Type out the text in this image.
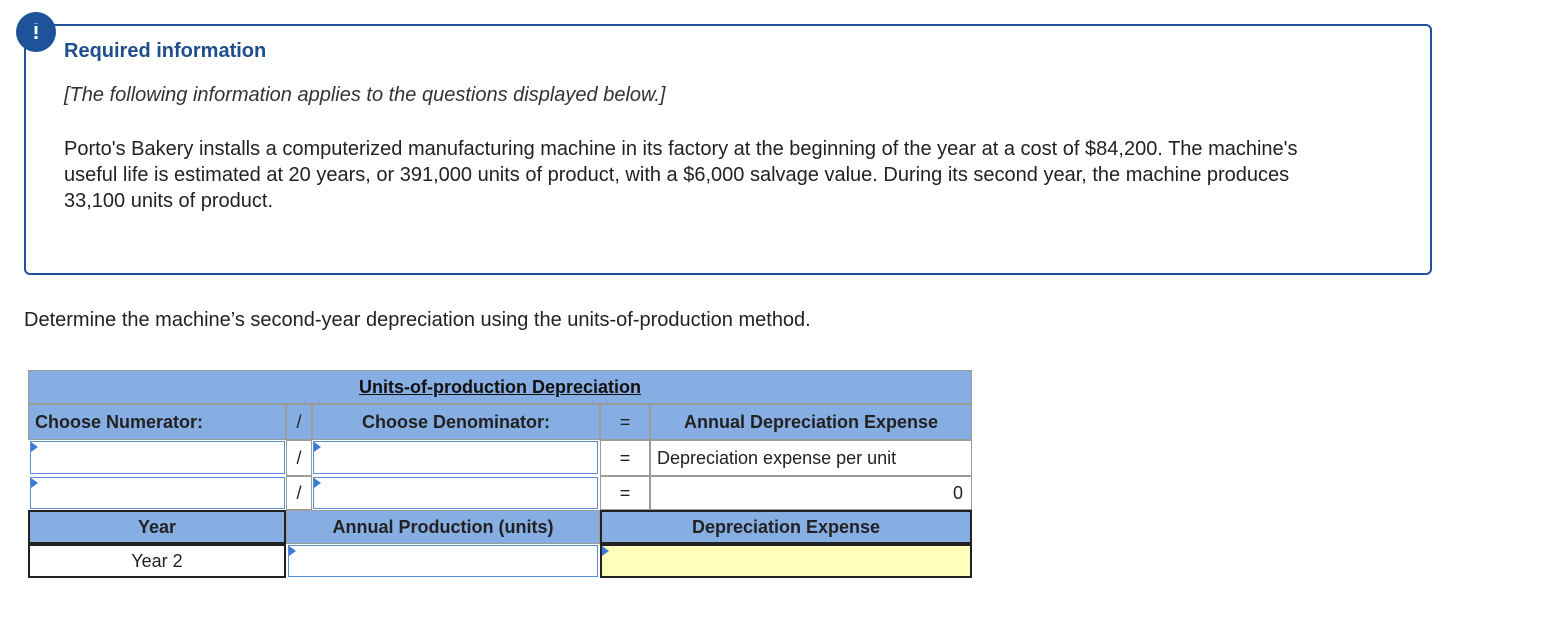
!
Required information
[The following information applies to the questions displayed below.]
Porto's Bakery installs a computerized manufacturing machine in its factory at the beginning of the year at a cost of $84,200. The machine's useful life is estimated at 20 years, or 391,000 units of product, with a $6,000 salvage value. During its second year, the machine produces 33,100 units of product.
Determine the machine’s second-year depreciation using the units-of-production method.
Units-of-production Depreciation
Choose Numerator:	/	Choose Denominator:	=	Annual Depreciation Expense
/	=	Depreciation expense per unit
/	=	0
Year	Annual Production (units)	Depreciation Expense
Year 2
